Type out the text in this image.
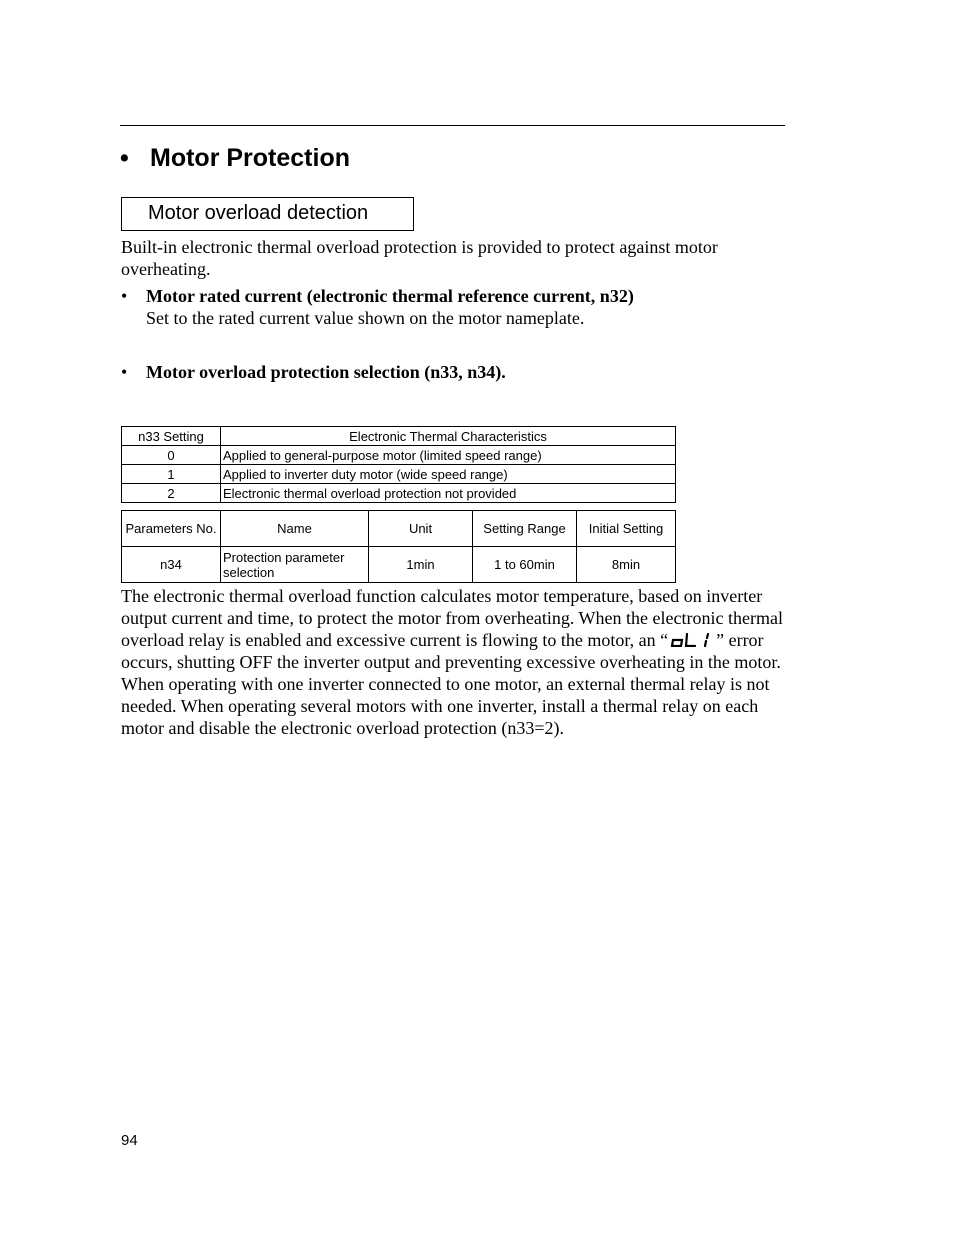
• Motor Protection
Motor overload detection
Built-in electronic thermal overload protection is provided to protect against motor overheating.
• Motor rated current (electronic thermal reference current, n32)
Set to the rated current value shown on the motor nameplate.
• Motor overload protection selection (n33, n34).
n33 Setting	Electronic Thermal Characteristics
0	Applied to general-purpose motor (limited speed range)
1	Applied to inverter duty motor (wide speed range)
2	Electronic thermal overload protection not provided
Parameters No.	Name	Unit	Setting Range	Initial Setting
n34	Protection parameter selection	1min	1 to 60min	8min
The electronic thermal overload function calculates motor temperature, based on inverter output current and time, to protect the motor from overheating. When the electronic thermal overload relay is enabled and excessive current is flowing to the motor, an “	” error occurs, shutting OFF the inverter output and preventing excessive overheating in the motor. When operating with one inverter connected to one motor, an external thermal relay is not needed. When operating several motors with one inverter, install a thermal relay on each motor and disable the electronic overload protection (n33=2).
94
